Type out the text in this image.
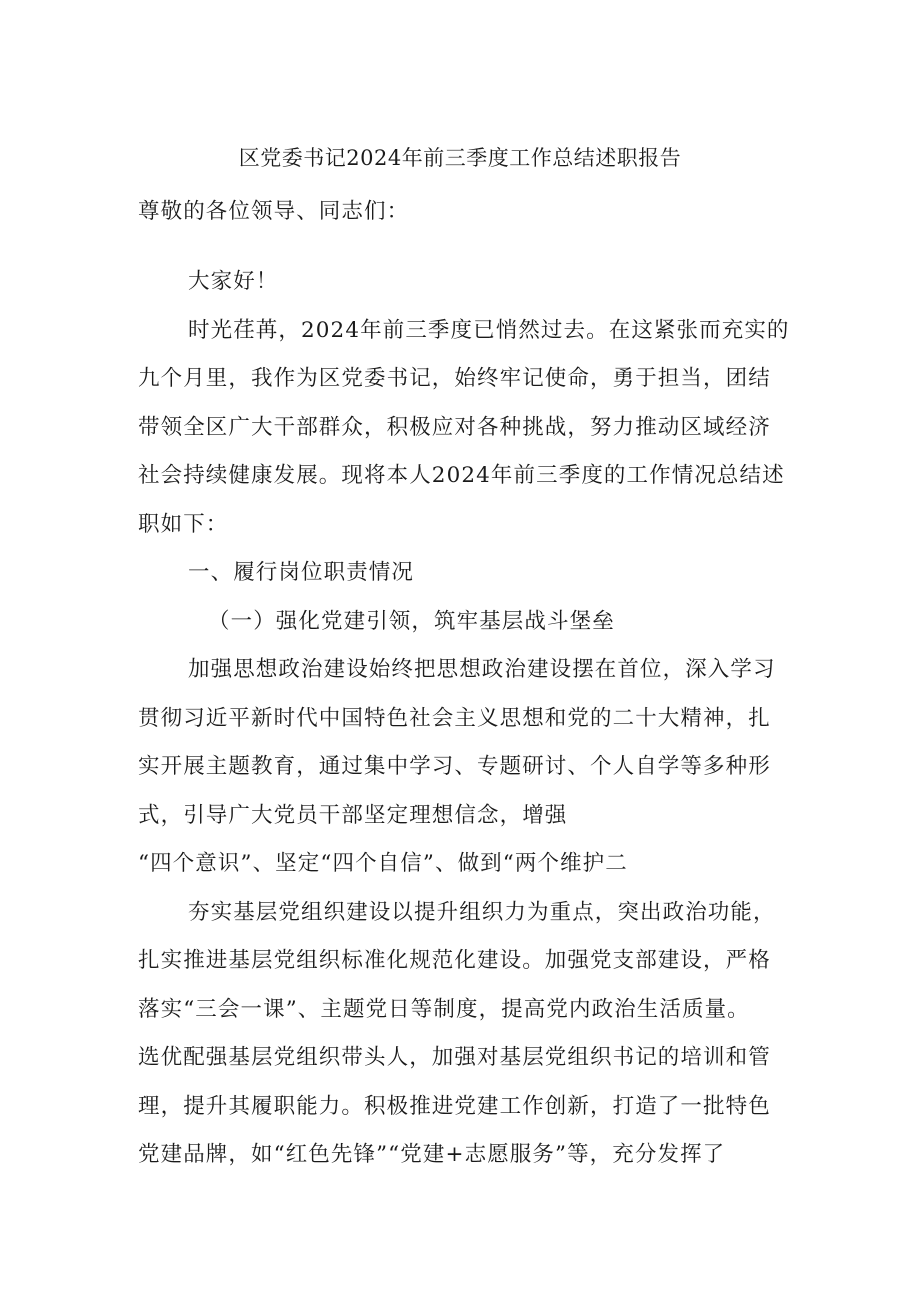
区党委书记2024年前三季度工作总结述职报告
尊敬的各位领导、同志们：
大家好！
时光荏苒，2024年前三季度已悄然过去。在这紧张而充实的
九个月里，我作为区党委书记，始终牢记使命，勇于担当，团结
带领全区广大干部群众，积极应对各种挑战，努力推动区域经济
社会持续健康发展。现将本人2024年前三季度的工作情况总结述
职如下：
一、履行岗位职责情况
（一）强化党建引领，筑牢基层战斗堡垒
加强思想政治建设始终把思想政治建设摆在首位，深入学习
贯彻习近平新时代中国特色社会主义思想和党的二十大精神，扎
实开展主题教育，通过集中学习、专题研讨、个人自学等多种形
式，引导广大党员干部坚定理想信念，增强
“四个意识”、坚定“四个自信”、做到“两个维护二
夯实基层党组织建设以提升组织力为重点，突出政治功能，
扎实推进基层党组织标准化规范化建设。加强党支部建设，严格
落实“三会一课”、主题党日等制度，提高党内政治生活质量。
选优配强基层党组织带头人，加强对基层党组织书记的培训和管
理，提升其履职能力。积极推进党建工作创新，打造了一批特色
党建品牌，如“红色先锋”“党建+志愿服务”等，充分发挥了
